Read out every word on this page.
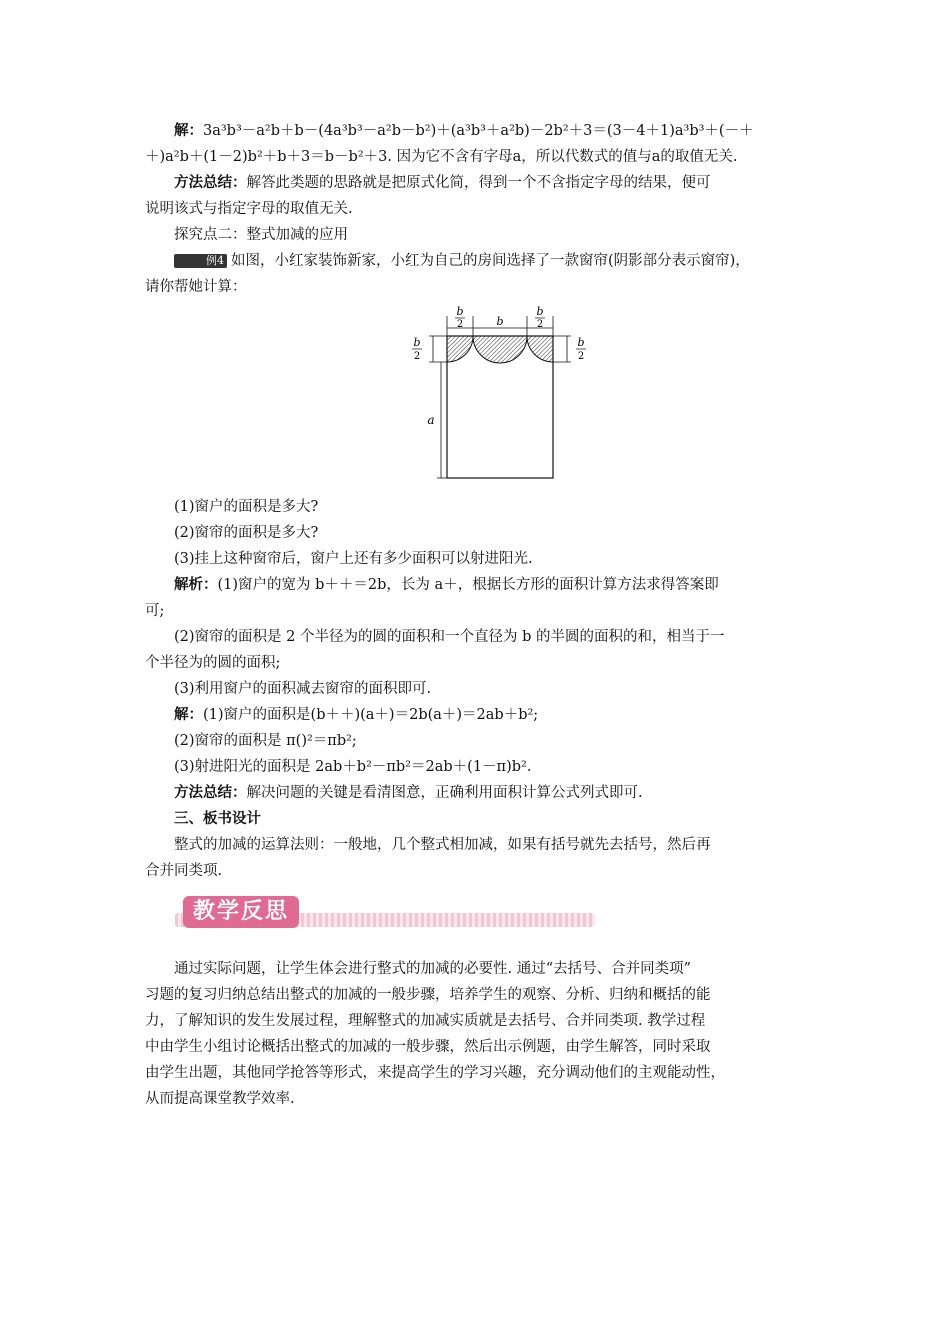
解：3a³b³－a²b＋b－(4a³b³－a²b－b²)＋(a³b³＋a²b)－2b²＋3＝(3－4＋1)a³b³＋(－＋

＋)a²b＋(1－2)b²＋b＋3＝b－b²＋3. 因为它不含有字母a，所以代数式的值与a的取值无关.

方法总结：解答此类题的思路就是把原式化简，得到一个不含指定字母的结果，便可

说明该式与指定字母的取值无关.

探究点二：整式加减的应用

例4 如图，小红家装饰新家，小红为自己的房间选择了一款窗帘(阴影部分表示窗帘)，

请你帮她计算：

b
2	b
b
2
b
2
a
b
2

(1)窗户的面积是多大?

(2)窗帘的面积是多大?

(3)挂上这种窗帘后，窗户上还有多少面积可以射进阳光.

解析：(1)窗户的宽为 b＋＋＝2b，长为 a＋，根据长方形的面积计算方法求得答案即

可;

(2)窗帘的面积是 2 个半径为的圆的面积和一个直径为 b 的半圆的面积的和，相当于一

个半径为的圆的面积;

(3)利用窗户的面积减去窗帘的面积即可.

解：(1)窗户的面积是(b＋＋)(a＋)＝2b(a＋)＝2ab＋b²;

(2)窗帘的面积是 π()²＝πb²;

(3)射进阳光的面积是 2ab＋b²－πb²＝2ab＋(1－π)b².

方法总结：解决问题的关键是看清图意，正确利用面积计算公式列式即可.

三、板书设计

整式的加减的运算法则：一般地，几个整式相加减，如果有括号就先去括号，然后再

合并同类项.

教学反思

通过实际问题，让学生体会进行整式的加减的必要性. 通过“去括号、合并同类项”

习题的复习归纳总结出整式的加减的一般步骤，培养学生的观察、分析、归纳和概括的能

力，了解知识的发生发展过程，理解整式的加减实质就是去括号、合并同类项. 教学过程

中由学生小组讨论概括出整式的加减的一般步骤，然后出示例题，由学生解答，同时采取

由学生出题，其他同学抢答等形式，来提高学生的学习兴趣，充分调动他们的主观能动性，

从而提高课堂教学效率.
